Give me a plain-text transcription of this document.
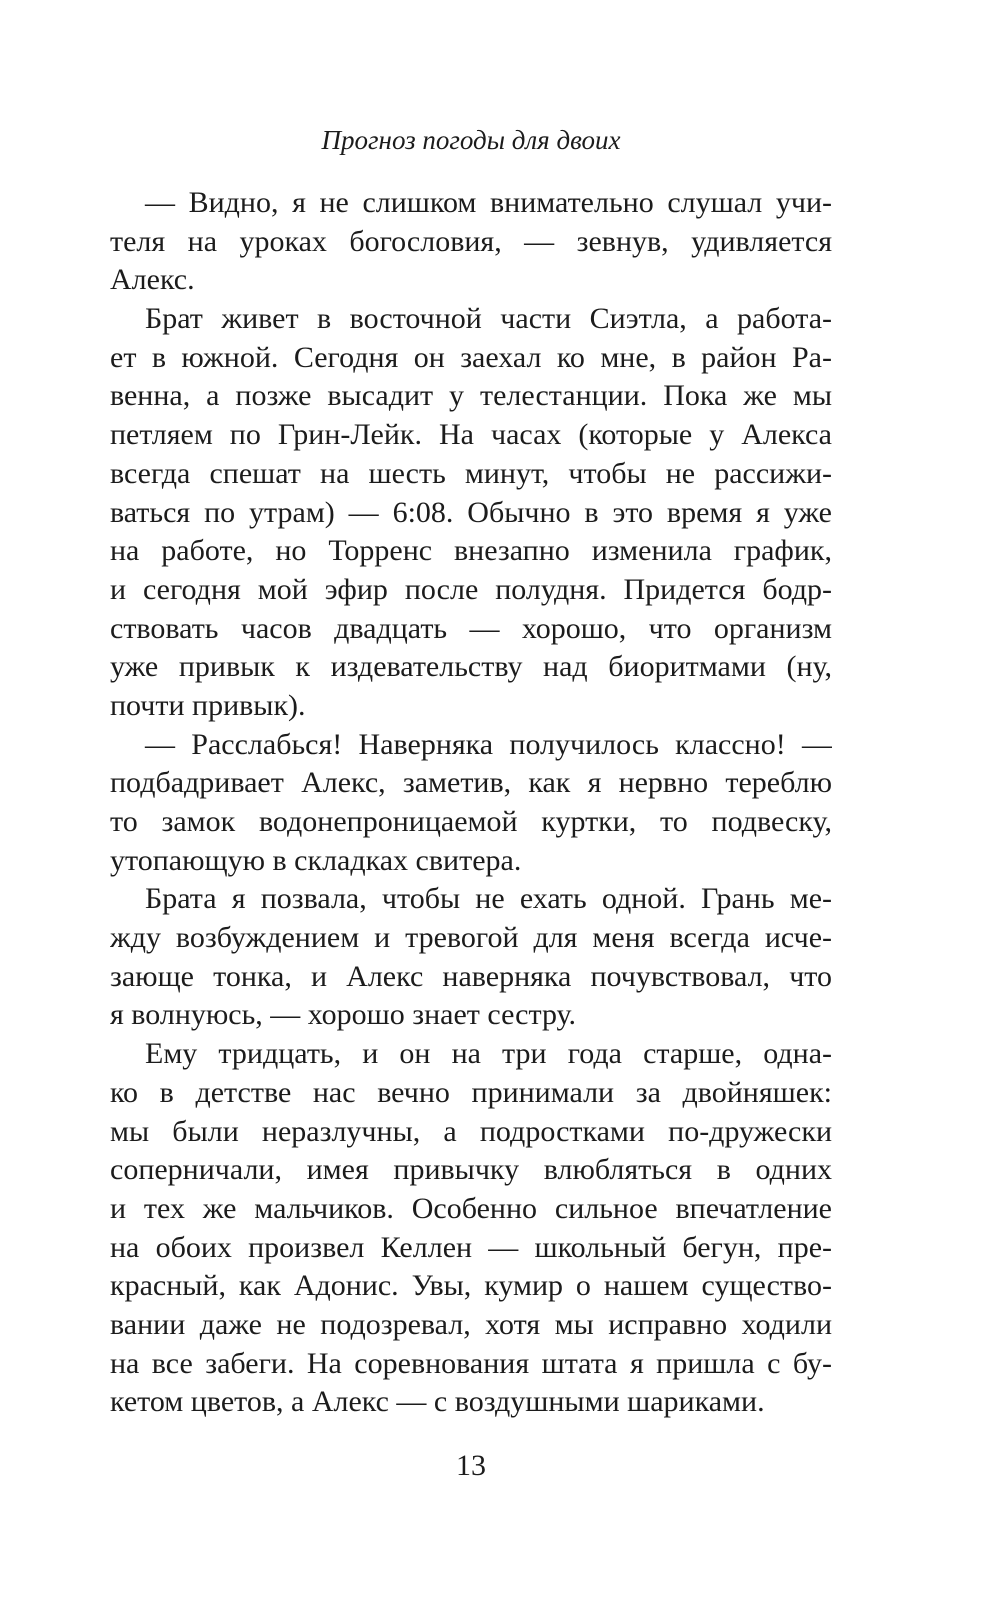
Прогноз погоды для двоих
— Видно, я не слишком внимательно слушал учи-
теля на уроках богословия, — зевнув, удивляется
Алекс.
Брат живет в восточной части Сиэтла, а работа-
ет в южной. Сегодня он заехал ко мне, в район Ра-
венна, а позже высадит у телестанции. Пока же мы
петляем по Грин-Лейк. На часах (которые у Алекса
всегда спешат на шесть минут, чтобы не рассижи-
ваться по утрам) — 6:08. Обычно в это время я уже
на работе, но Торренс внезапно изменила график,
и сегодня мой эфир после полудня. Придется бодр-
ствовать часов двадцать — хорошо, что организм
уже привык к издевательству над биоритмами (ну,
почти привык).
— Расслабься! Наверняка получилось классно! —
подбадривает Алекс, заметив, как я нервно тереблю
то замок водонепроницаемой куртки, то подвеску,
утопающую в складках свитера.
Брата я позвала, чтобы не ехать одной. Грань ме-
жду возбуждением и тревогой для меня всегда исче-
зающе тонка, и Алекс наверняка почувствовал, что
я волнуюсь, — хорошо знает сестру.
Ему тридцать, и он на три года старше, одна-
ко в детстве нас вечно принимали за двойняшек:
мы были неразлучны, а подростками по-дружески
соперничали, имея привычку влюбляться в одних
и тех же мальчиков. Особенно сильное впечатление
на обоих произвел Келлен — школьный бегун, пре-
красный, как Адонис. Увы, кумир о нашем существо-
вании даже не подозревал, хотя мы исправно ходили
на все забеги. На соревнования штата я пришла с бу-
кетом цветов, а Алекс — с воздушными шариками.
13
